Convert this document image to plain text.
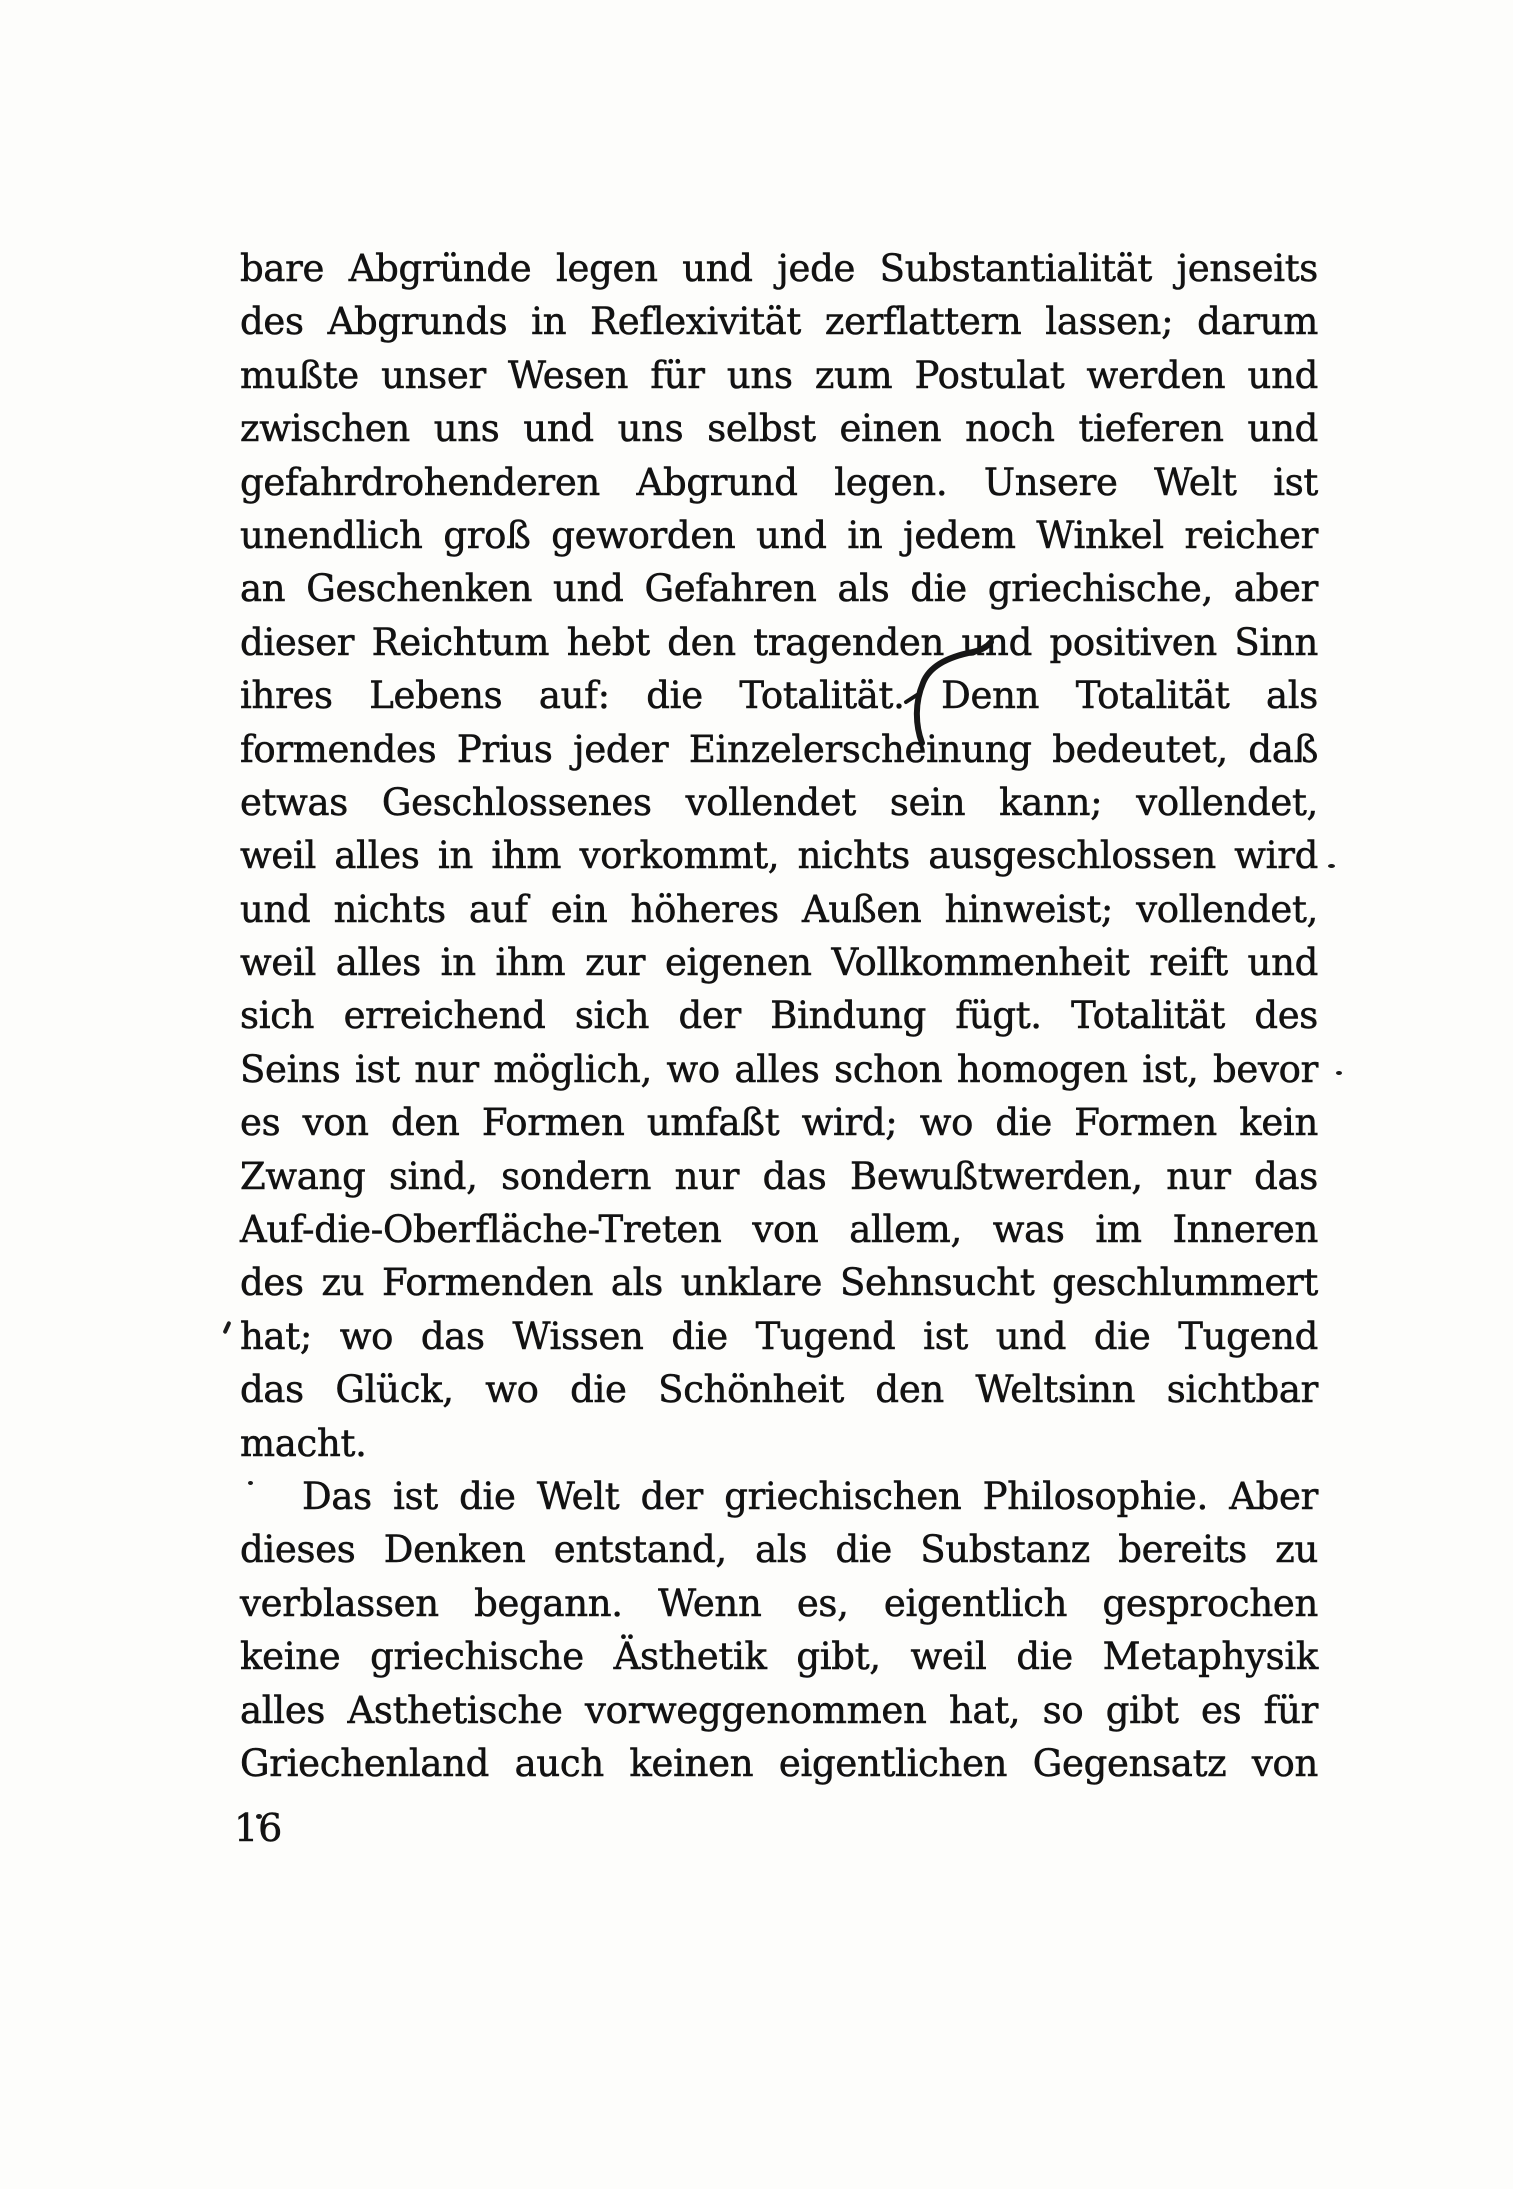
bare Abgründe legen und jede Substantialität jenseits
des Abgrunds in Reflexivität zerflattern lassen; darum
mußte unser Wesen für uns zum Postulat werden und
zwischen uns und uns selbst einen noch tieferen und
gefahrdrohenderen Abgrund legen. Unsere Welt ist
unendlich groß geworden und in jedem Winkel reicher
an Geschenken und Gefahren als die griechische, aber
dieser Reichtum hebt den tragenden und positiven Sinn
ihres Lebens auf: die Totalität. Denn Totalität als
formendes Prius jeder Einzelerscheinung bedeutet, daß
etwas Geschlossenes vollendet sein kann; vollendet,
weil alles in ihm vorkommt, nichts ausgeschlossen wird
und nichts auf ein höheres Außen hinweist; vollendet,
weil alles in ihm zur eigenen Vollkommenheit reift und
sich erreichend sich der Bindung fügt. Totalität des
Seins ist nur möglich, wo alles schon homogen ist, bevor
es von den Formen umfaßt wird; wo die Formen kein
Zwang sind, sondern nur das Bewußtwerden, nur das
Auf-die-Oberfläche-Treten von allem, was im Inneren
des zu Formenden als unklare Sehnsucht geschlummert
hat; wo das Wissen die Tugend ist und die Tugend
das Glück, wo die Schönheit den Weltsinn sichtbar
macht.
Das ist die Welt der griechischen Philosophie. Aber
dieses Denken entstand, als die Substanz bereits zu
verblassen begann. Wenn es, eigentlich gesprochen
keine griechische Ästhetik gibt, weil die Metaphysik
alles Asthetische vorweggenommen hat, so gibt es für
Griechenland auch keinen eigentlichen Gegensatz von
16
